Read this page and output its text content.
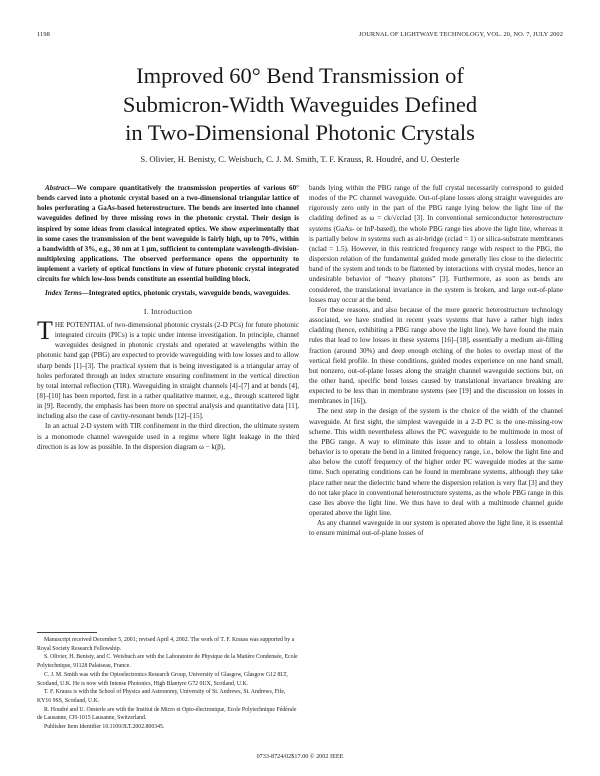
1198	JOURNAL OF LIGHTWAVE TECHNOLOGY, VOL. 20, NO. 7, JULY 2002
Improved 60° Bend Transmission of
Submicron-Width Waveguides Defined
in Two-Dimensional Photonic Crystals
S. Olivier, H. Benisty, C. Weisbuch, C. J. M. Smith, T. F. Krauss, R. Houdré, and U. Oesterle

Abstract—We compare quantitatively the transmission properties of various 60° bends carved into a photonic crystal based on a two-dimensional triangular lattice of holes perforating a GaAs-based heterostructure. The bends are inserted into channel waveguides defined by three missing rows in the photonic crystal. Their design is inspired by some ideas from classical integrated optics. We show experimentally that in some cases the transmission of the bent waveguide is fairly high, up to 70%, within a bandwidth of 3%, e.g., 30 nm at 1 μm, sufficient to contemplate wavelength-division-multiplexing applications. The observed performance opens the opportunity to implement a variety of optical functions in view of future photonic crystal integrated circuits for which low-loss bends constitute an essential building block.

Index Terms—Integrated optics, photonic crystals, waveguide bends, waveguides.

I. Introduction

THE POTENTIAL of two-dimensional photonic crystals (2-D PCs) for future photonic integrated circuits (PICs) is a topic under intense investigation. In principle, channel waveguides designed in photonic crystals and operated at wavelengths within the photonic band gap (PBG) are expected to provide waveguiding with low losses and to allow sharp bends [1]–[3]. The practical system that is being investigated is a triangular array of holes perforated through an index structure ensuring confinement in the vertical direction by total internal reflection (TIR). Waveguiding in straight channels [4]–[7] and at bends [4], [8]–[10] has been reported, first in a rather qualitative manner, e.g., through scattered light in [9]. Recently, the emphasis has been more on spectral analysis and quantitative data [11], including also the case of cavity-resonant bends [12]–[15].

In an actual 2-D system with TIR confinement in the third direction, the ultimate system is a monomode channel waveguide used in a regime where light leakage in the third direction is as low as possible. In the dispersion diagram ω − k(β),

Manuscript received December 5, 2001; revised April 4, 2002. The work of T. F. Krauss was supported by a Royal Society Research Fellowship.

S. Olivier, H. Benisty, and C. Weisbuch are with the Laboratoire de Physique de la Matière Condensée, Ecole Polytechnique, 91128 Palaiseau, France.

C. J. M. Smith was with the Optoelectronics Research Group, University of Glasgow, Glasgow G12 8LT, Scotland, U.K. He is now with Intense Photonics, High Blantyre G72 0UX, Scotland, U.K.

T. F. Krauss is with the School of Physics and Astronomy, University of St. Andrews, St. Andrews, Fife, KY16 9SS, Scotland, U.K.

R. Houdré and U. Oesterle are with the Institut de Micro et Opto-électronique, Ecole Polytechnique Fédérale de Lausanne, CH-1015 Lausanne, Switzerland.

Publisher Item Identifier 10.1109/JLT.2002.800345.

bands lying within the PBG range of the full crystal necessarily correspond to guided modes of the PC channel waveguide. Out-of-plane losses along straight waveguides are rigorously zero only in the part of the PBG range lying below the light line of the cladding defined as ω = ck/√εclad [3]. In conventional semiconductor heterostructure systems (GaAs- or InP-based), the whole PBG range lies above the light line, whereas it is partially below in systems such as air-bridge (εclad = 1) or silica-substrate membranes (nclad = 1.5). However, in this restricted frequency range with respect to the PBG, the dispersion relation of the fundamental guided mode generally lies close to the dielectric band of the system and tends to be flattened by interactions with crystal modes, hence an undesirable behavior of “heavy photons” [3]. Furthermore, as soon as bends are considered, the translational invariance in the system is broken, and large out-of-plane losses may occur at the bend.

For these reasons, and also because of the more generic heterostructure technology associated, we have studied in recent years systems that have a rather high index cladding (hence, exhibiting a PBG range above the light line). We have found the main rules that lead to low losses in these systems [16]–[18], essentially a medium air-filling fraction (around 30%) and deep enough etching of the holes to overlap most of the vertical field profile. In these conditions, guided modes experience on one hand small, but nonzero, out-of-plane losses along the straight channel waveguide sections but, on the other hand, specific bend losses caused by translational invariance breaking are expected to be less than in membrane systems (see [19] and the discussion on losses in membranes in [16]).

The next step in the design of the system is the choice of the width of the channel waveguide. At first sight, the simplest waveguide in a 2-D PC is the one-missing-row scheme. This width nevertheless allows the PC waveguide to be multimode in most of the PBG range. A way to eliminate this issue and to obtain a lossless monomode behavior is to operate the bend in a limited frequency range, i.e., below the light line and also below the cutoff frequency of the higher order PC waveguide modes at the same time. Such operating conditions can be found in membrane systems, although they take place rather near the dielectric band where the dispersion relation is very flat [3] and they do not take place in conventional heterostructure systems, as the whole PBG range in this case lies above the light line. We thus have to deal with a multimode channel guide operated above the light line.

As any channel waveguide in our system is operated above the light line, it is essential to ensure minimal out-of-plane losses of

0733-8724/02$17.00 © 2002 IEEE
